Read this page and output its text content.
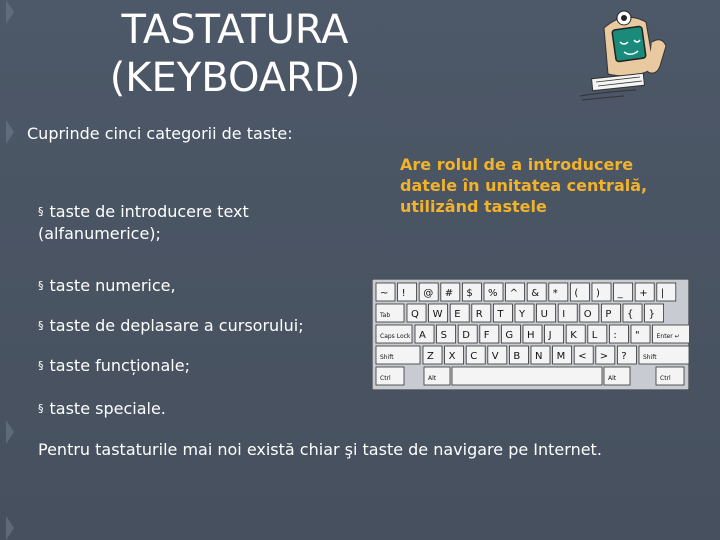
TASTATURA
(KEYBOARD)
Cuprinde cinci categorii de taste:
§ taste de introducere text
(alfanumerice);
§ taste numerice,
§ taste de deplasare a cursorului;
§ taste funcționale;
§ taste speciale.
Are rolul de a introducere datele în unitatea centrală, utilizând tastele
~ ! @ # $ % ^ & * ( ) _ + |
Tab Q W E R T Y U I O P { }
Caps Lock A S D F G H J K L : "	Enter ↵
Shift	Z X C V B N M < > ?	Shift
Ctrl	Alt	Alt	Ctrl
Pentru tastaturile mai noi există chiar şi taste de navigare pe Internet.
